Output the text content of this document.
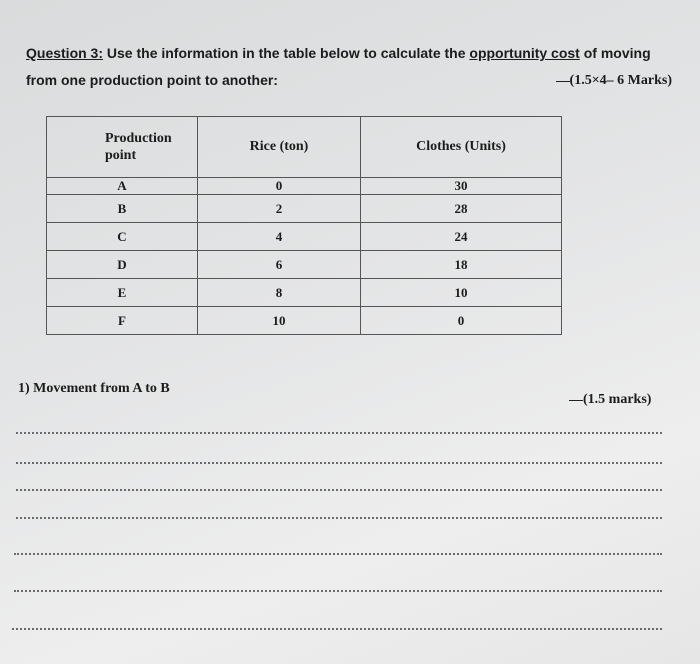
Question 3: Use the information in the table below to calculate the opportunity cost of moving
from one production point to another:	(1.5×4– 6 Marks)
Production
point	Rice (ton)	Clothes (Units)
A	0	30
B	2	28
C	4	24
D	6	18
E	8	10
F	10	0
1) Movement from A to B
(1.5 marks)
